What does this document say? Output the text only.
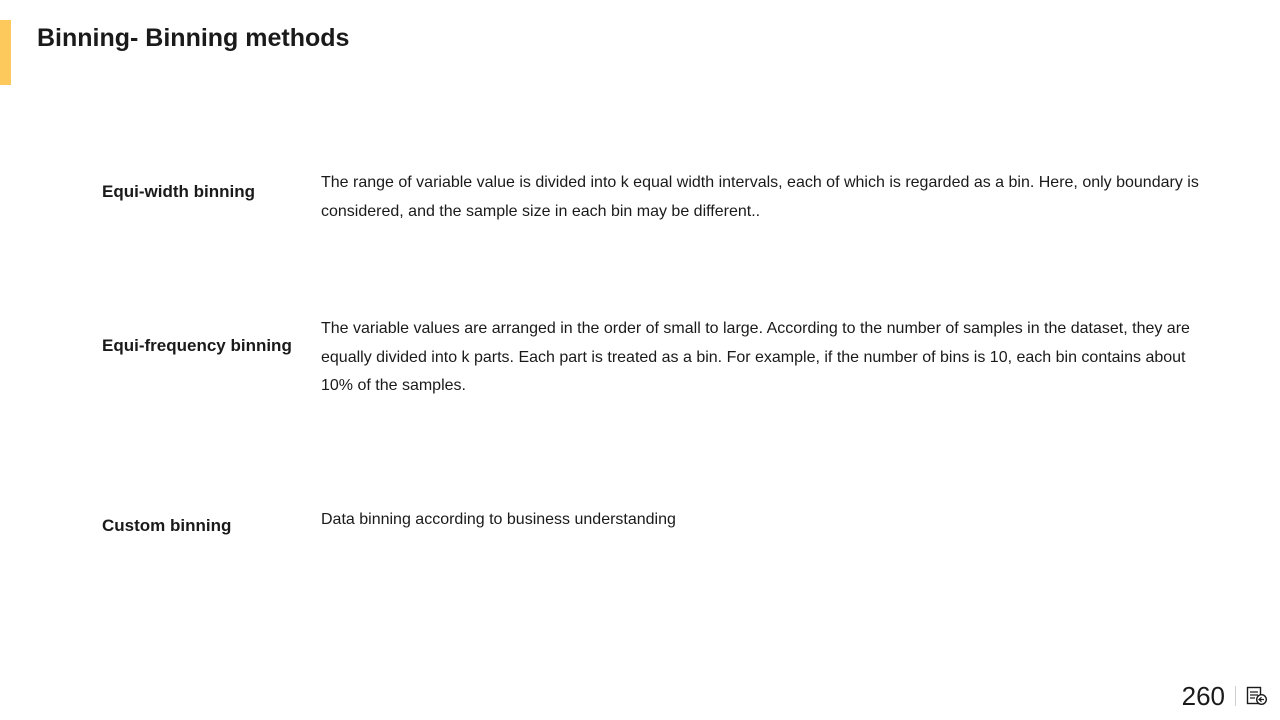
Binning- Binning methods
Equi-width binning	The range of variable value is divided into k equal width intervals, each of which is regarded as a bin. Here, only boundary is considered, and the sample size in each bin may be different..
Equi-frequency binning
The variable values are arranged in the order of small to large. According to the number of samples in the dataset, they are equally divided into k parts. Each part is treated as a bin. For example, if the number of bins is 10, each bin contains about 10% of the samples.
Custom binning	Data binning according to business understanding
260
